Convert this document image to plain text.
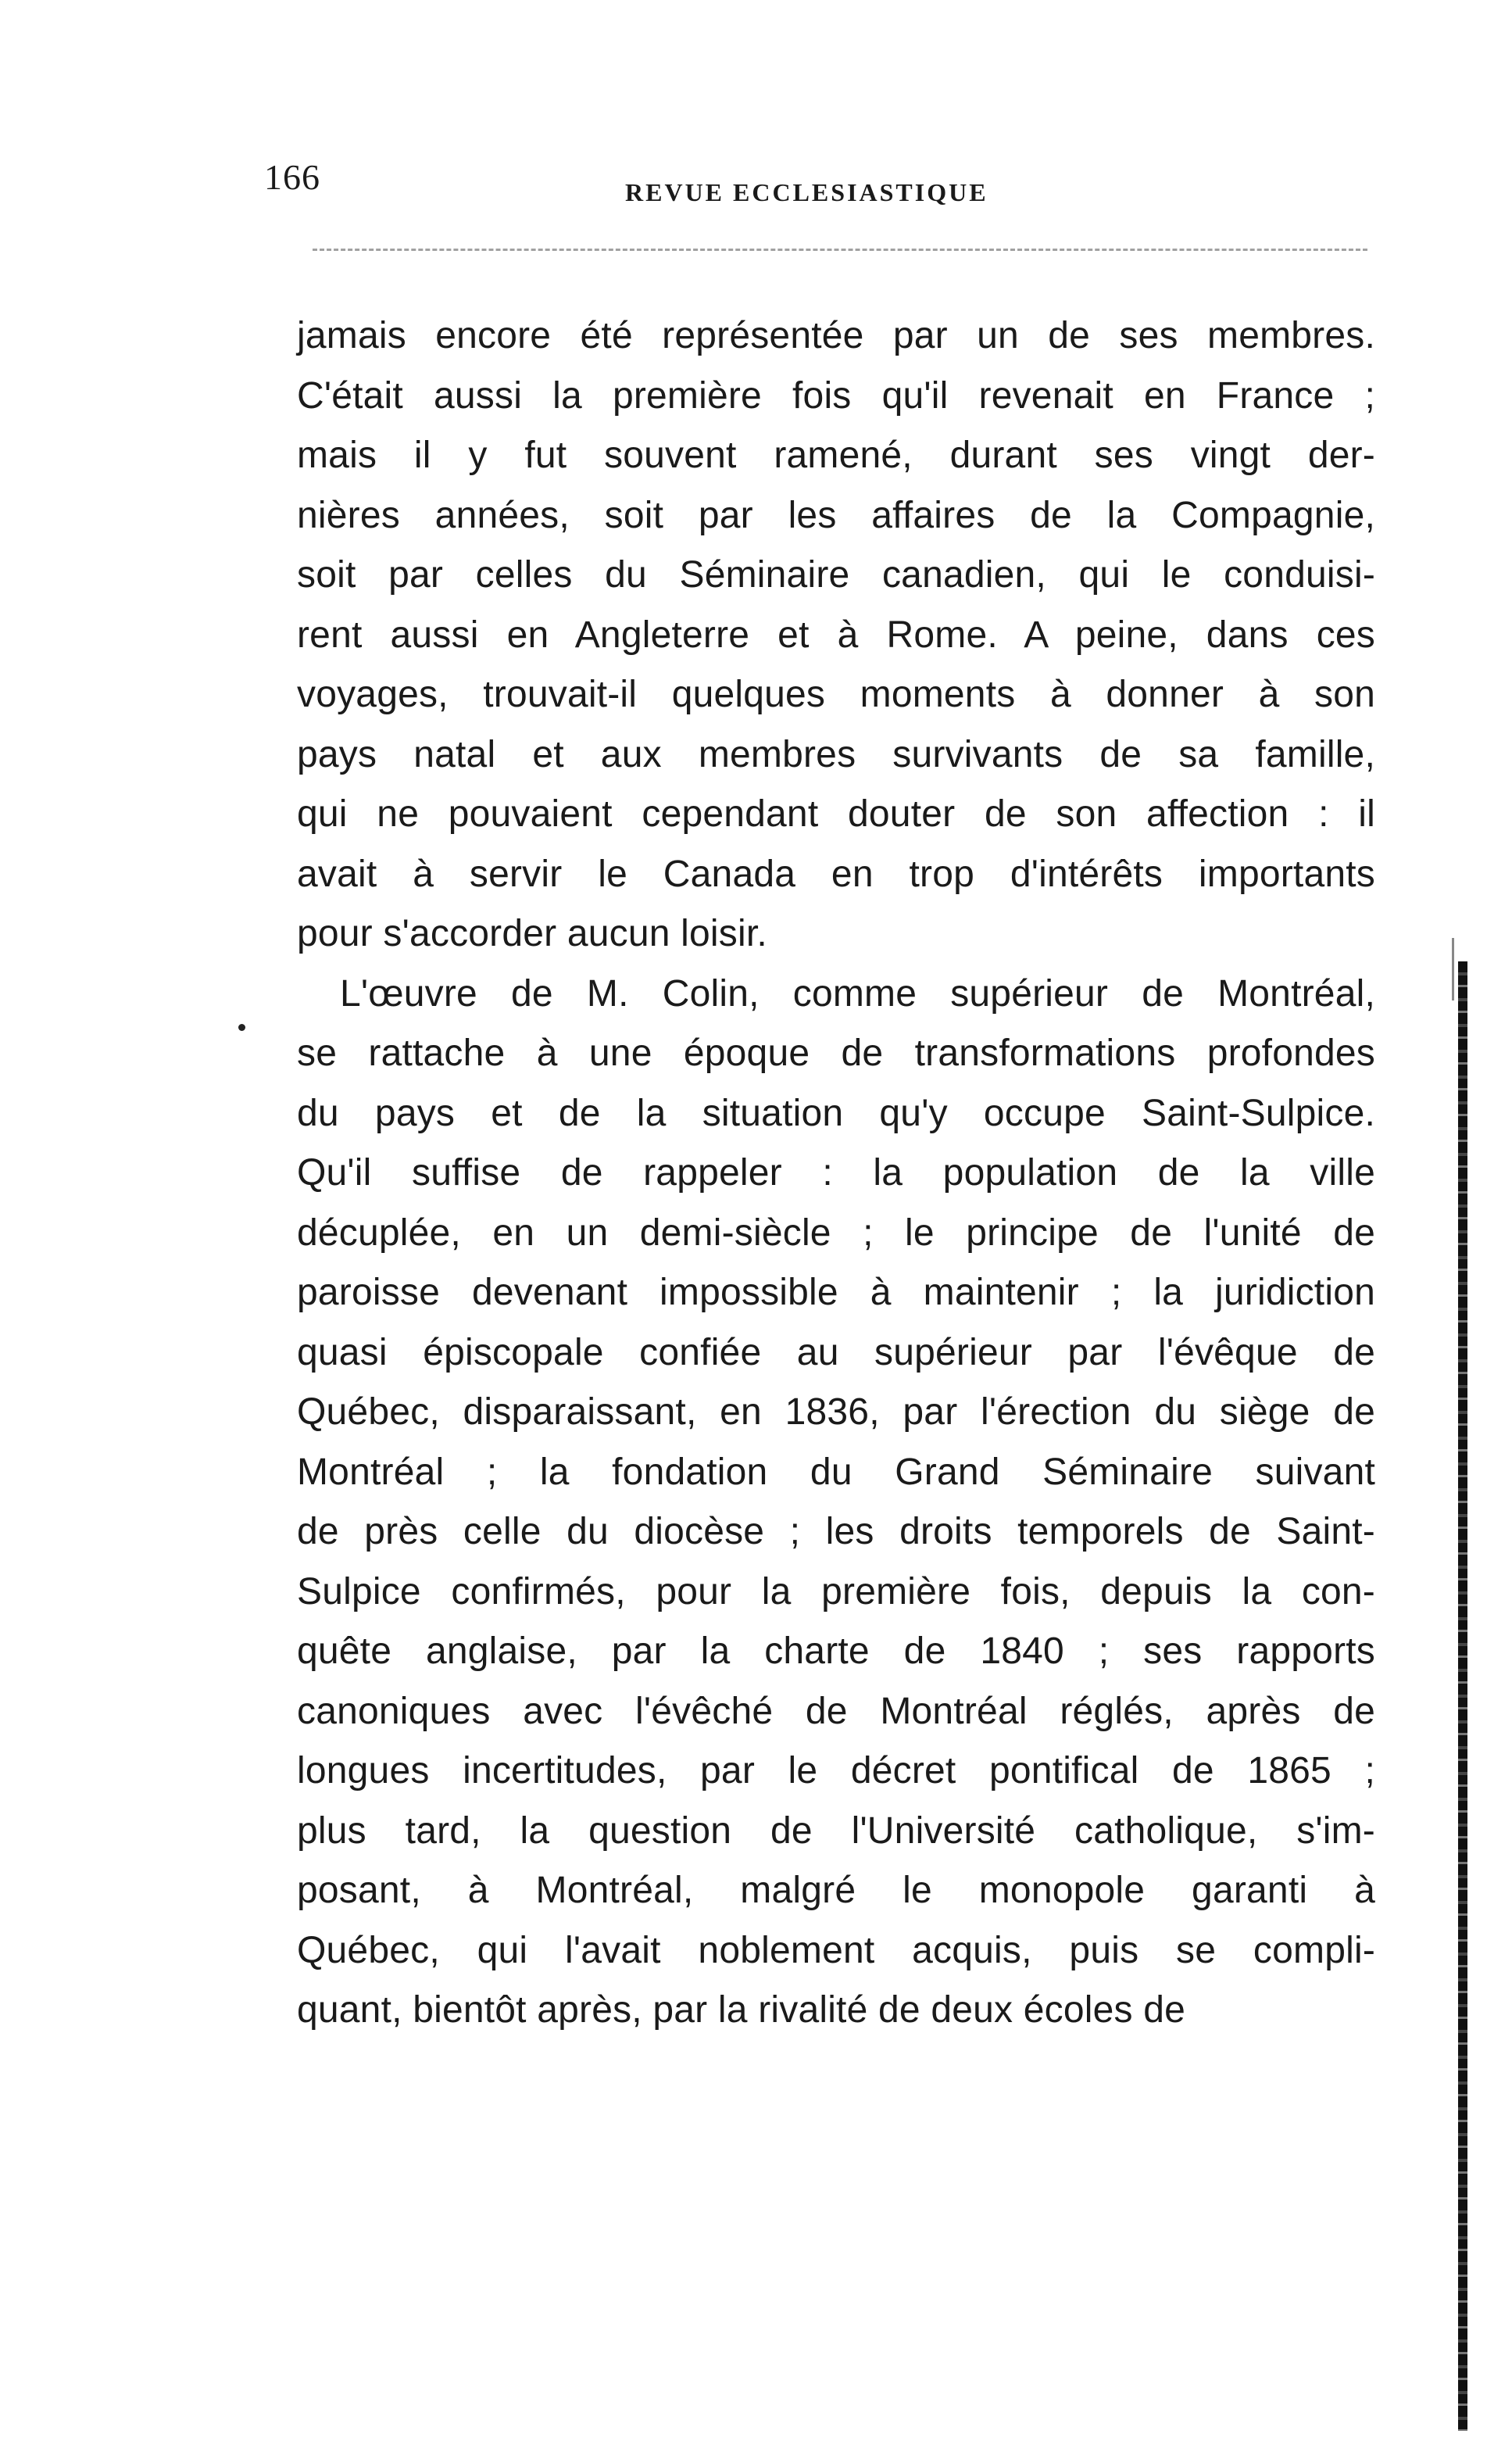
166	REVUE ECCLESIASTIQUE
jamais encore été représentée par un de ses membres.
C'était aussi la première fois qu'il revenait en France ;
mais il y fut souvent ramené, durant ses vingt der-
nières années, soit par les affaires de la Compagnie,
soit par celles du Séminaire canadien, qui le conduisi-
rent aussi en Angleterre et à Rome. A peine, dans ces
voyages, trouvait-il quelques moments à donner à son
pays natal et aux membres survivants de sa famille,
qui ne pouvaient cependant douter de son affection : il
avait à servir le Canada en trop d'intérêts importants
pour s'accorder aucun loisir.
L'œuvre de M. Colin, comme supérieur de Montréal,
se rattache à une époque de transformations profondes
du pays et de la situation qu'y occupe Saint-Sulpice.
Qu'il suffise de rappeler : la population de la ville
décuplée, en un demi-siècle ; le principe de l'unité de
paroisse devenant impossible à maintenir ; la juridiction
quasi épiscopale confiée au supérieur par l'évêque de
Québec, disparaissant, en 1836, par l'érection du siège de
Montréal ; la fondation du Grand Séminaire suivant
de près celle du diocèse ; les droits temporels de Saint-
Sulpice confirmés, pour la première fois, depuis la con-
quête anglaise, par la charte de 1840 ; ses rapports
canoniques avec l'évêché de Montréal réglés, après de
longues incertitudes, par le décret pontifical de 1865 ;
plus tard, la question de l'Université catholique, s'im-
posant, à Montréal, malgré le monopole garanti à
Québec, qui l'avait noblement acquis, puis se compli-
quant, bientôt après, par la rivalité de deux écoles de
